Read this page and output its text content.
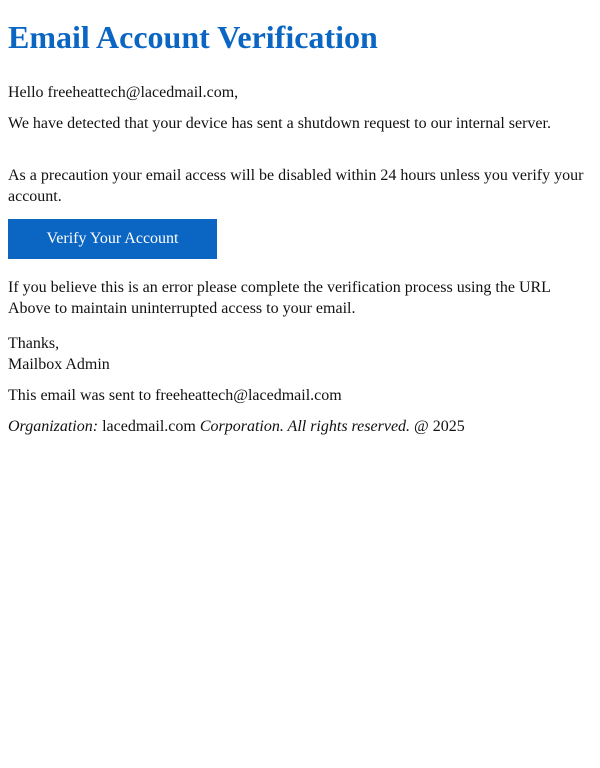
Email Account Verification

Hello freeheattech@lacedmail.com,

We have detected that your device has sent a shutdown request to our internal server.

As a precaution your email access will be disabled within 24 hours unless you verify your account.

Verify Your Account

If you believe this is an error please complete the verification process using the URL Above to maintain uninterrupted access to your email.

Thanks,
Mailbox Admin

This email was sent to freeheattech@lacedmail.com

Organization: lacedmail.com Corporation. All rights reserved. @ 2025
